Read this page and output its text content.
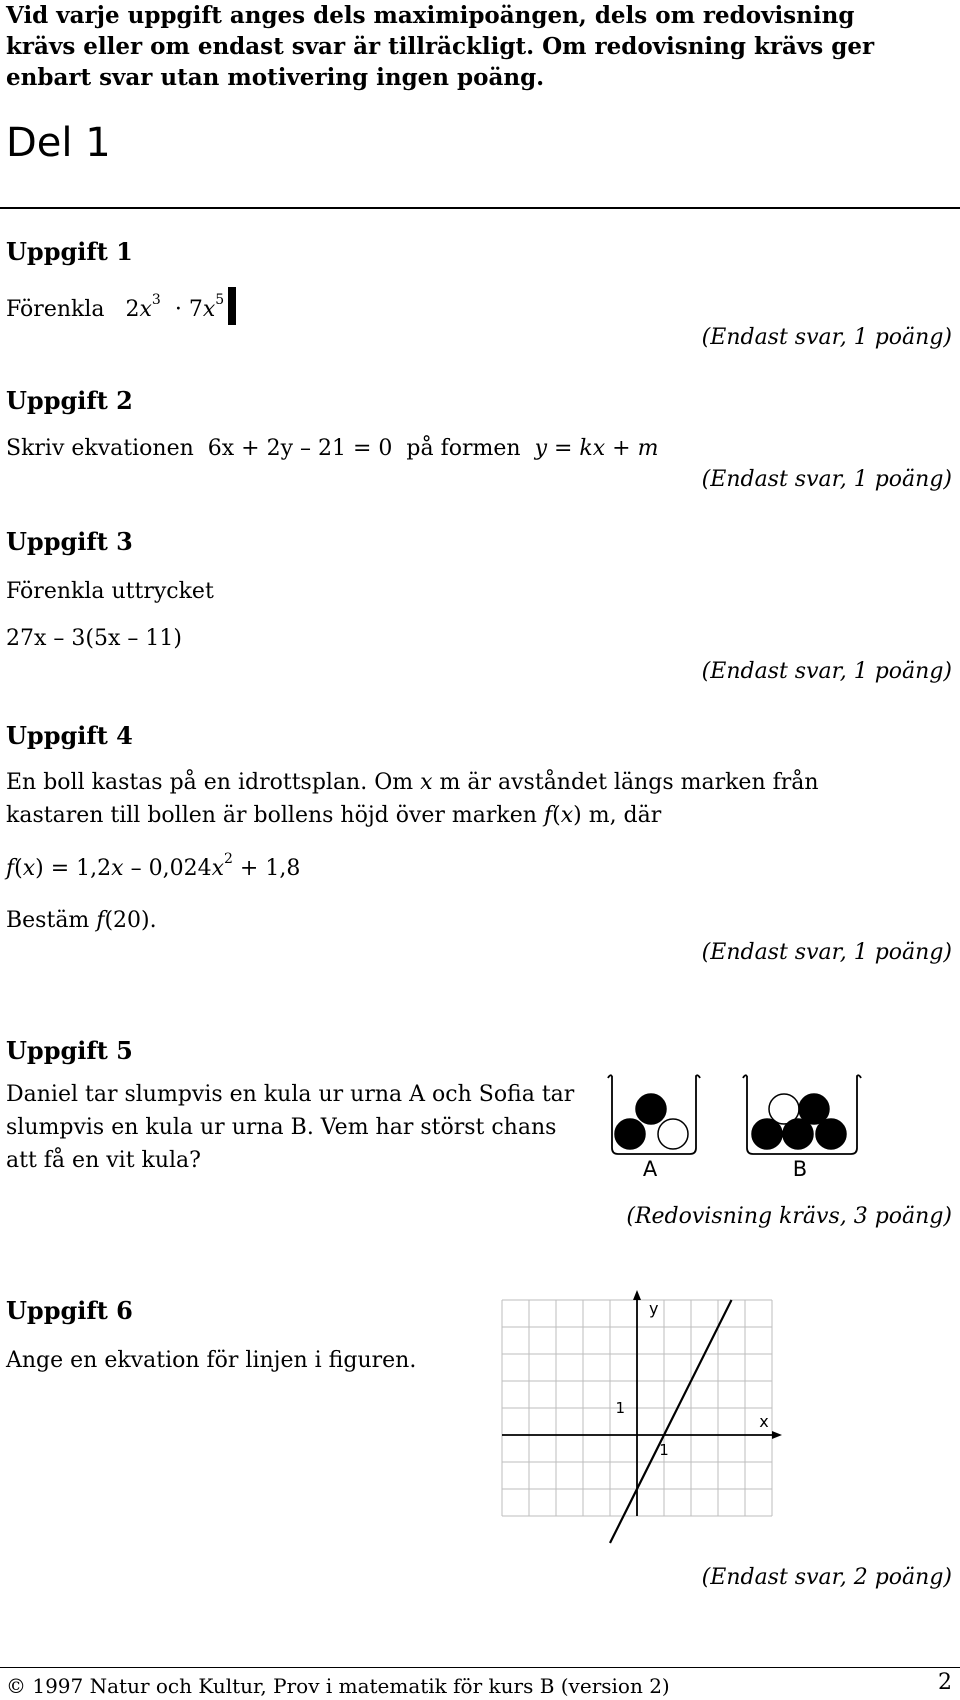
Vid varje uppgift anges dels maximipoängen, dels om redovisning krävs eller om endast svar är tillräckligt. Om redovisning krävs ger enbart svar utan motivering ingen poäng.
Del 1
Uppgift 1
Förenkla $2x^3 \cdot 7x^5$
(Endast svar, 1 poäng)
Uppgift 2
Skriv ekvationen 6x + 2y – 21 = 0 på formen y = kx + m
(Endast svar, 1 poäng)
Uppgift 3
Förenkla uttrycket
27x – 3(5x – 11)
(Endast svar, 1 poäng)
Uppgift 4
En boll kastas på en idrottsplan. Om x m är avståndet längs marken från
kastaren till bollen är bollens höjd över marken f(x) m, där
$f(x) = 1,2x - 0,024x^2 + 1,8$
Bestäm f(20).
(Endast svar, 1 poäng)
Uppgift 5
Daniel tar slumpvis en kula ur urna A och Sofia tar slumpvis en kula ur urna B. Vem har störst chans att få en vit kula?	A	B
(Redovisning krävs, 3 poäng)
Uppgift 6
Ange en ekvation för linjen i figuren.
x
y
1
1
(Endast svar, 2 poäng)
© 1997 Natur och Kultur, Prov i matematik för kurs B (version 2)	2
